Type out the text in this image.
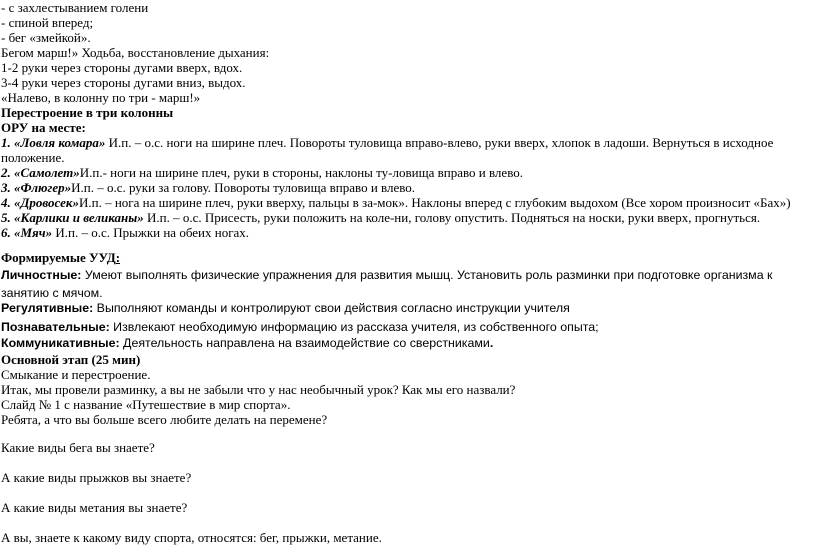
- с захлестыванием голени
- спиной вперед;
- бег «змейкой».
Бегом марш!» Ходьба, восстановление дыхания:
1-2 руки через стороны дугами вверх, вдох.
3-4 руки через стороны дугами вниз, выдох.
«Налево, в колонну по три - марш!»
Перестроение в три колонны
ОРУ на месте:
1. «Ловля комара» И.п. – о.с. ноги на ширине плеч. Повороты туловища вправо-влево, руки вверх, хлопок в ладоши. Вернуться в исходное положение.
2. «Самолет»И.п.- ноги на ширине плеч, руки в стороны, наклоны ту-ловища вправо и влево.
3. «Флюгер»И.п. – о.с. руки за голову. Повороты туловища вправо и влево.
4. «Дровосек»И.п. – нога на ширине плеч, руки вверху, пальцы в за-мок». Наклоны вперед с глубоким выдохом (Все хором произносит «Бах»)
5. «Карлики и великаны» И.п. – о.с. Присесть, руки положить на коле-ни, голову опустить. Подняться на носки, руки вверх, прогнуться.
6. «Мяч» И.п. – о.с. Прыжки на обеих ногах.
Формируемые УУД:
Личностные: Умеют выполнять физические упражнения для развития мышц. Установить роль разминки при подготовке организма к занятию с мячом.
Регулятивные: Выполняют команды и контролируют свои действия согласно инструкции учителя
Познавательные: Извлекают необходимую информацию из рассказа учителя, из собственного опыта;
Коммуникативные: Деятельность направлена на взаимодействие со сверстниками.
Основной этап (25 мин)
Смыкание и перестроение.
Итак, мы провели разминку, а вы не забыли что у нас необычный урок? Как мы его назвали?
Слайд № 1 с название «Путешествие в мир спорта».
Ребята, а что вы больше всего любите делать на перемене?
Какие виды бега вы знаете?
А какие виды прыжков вы знаете?
А какие виды метания вы знаете?
А вы, знаете к какому виду спорта, относятся: бег, прыжки, метание.
